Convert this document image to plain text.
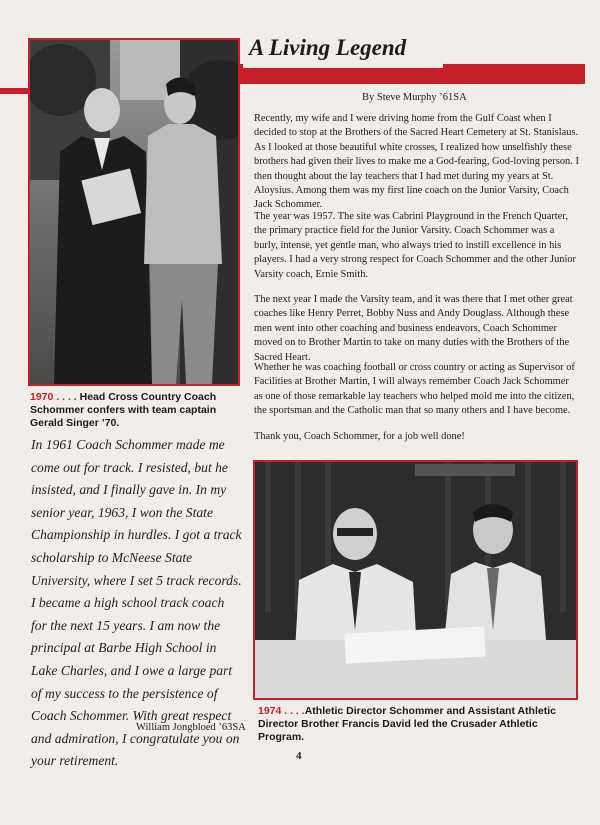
A Living Legend
1970 . . . . Head Cross Country Coach Schommer confers with team captain Gerald Singer ’70.
By Steve Murphy ’61SA

Recently, my wife and I were driving home from the Gulf Coast when I decided to stop at the Brothers of the Sacred Heart Cemetery at St. Stanislaus. As I looked at those beautiful white crosses, I realized how unselfishly these brothers had given their lives to make me a God-fearing, God-loving person. I then thought about the lay teachers that I had met during my years at St. Aloysius. Among them was my first line coach on the Junior Varsity, Coach Jack Schommer.

The year was 1957. The site was Cabrini Playground in the French Quarter, the primary practice field for the Junior Varsity. Coach Schommer was a burly, intense, yet gentle man, who always tried to instill excellence in his players. I had a very strong respect for Coach Schommer and the other Junior Varsity coach, Ernie Smith.

The next year I made the Varsity team, and it was there that I met other great coaches like Henry Perret, Bobby Nuss and Andy Douglass. Although these men went into other coaching and business endeavors, Coach Schommer moved on to Brother Martin to take on many duties with the Brothers of the Sacred Heart.

Whether he was coaching football or cross country or acting as Supervisor of Facilities at Brother Martin, I will always remember Coach Jack Schommer as one of those remarkable lay teachers who helped mold me into the citizen, the sportsman and the Catholic man that so many others and I have become.

Thank you, Coach Schommer, for a job well done!

In 1961 Coach Schommer made me come out for track. I resisted, but he insisted, and I finally gave in. In my senior year, 1963, I won the State Championship in hurdles. I got a track scholarship to McNeese State University, where I set 5 track records. I became a high school track coach for the next 15 years. I am now the principal at Barbe High School in Lake Charles, and I owe a large part of my success to the persistence of Coach Schommer. With great respect and admiration, I congratulate you on your retirement.

William Jongbloed ’63SA
1974 . . . .Athletic Director Schommer and Assistant Athletic Director Brother Francis David led the Crusader Athletic Program.
4
